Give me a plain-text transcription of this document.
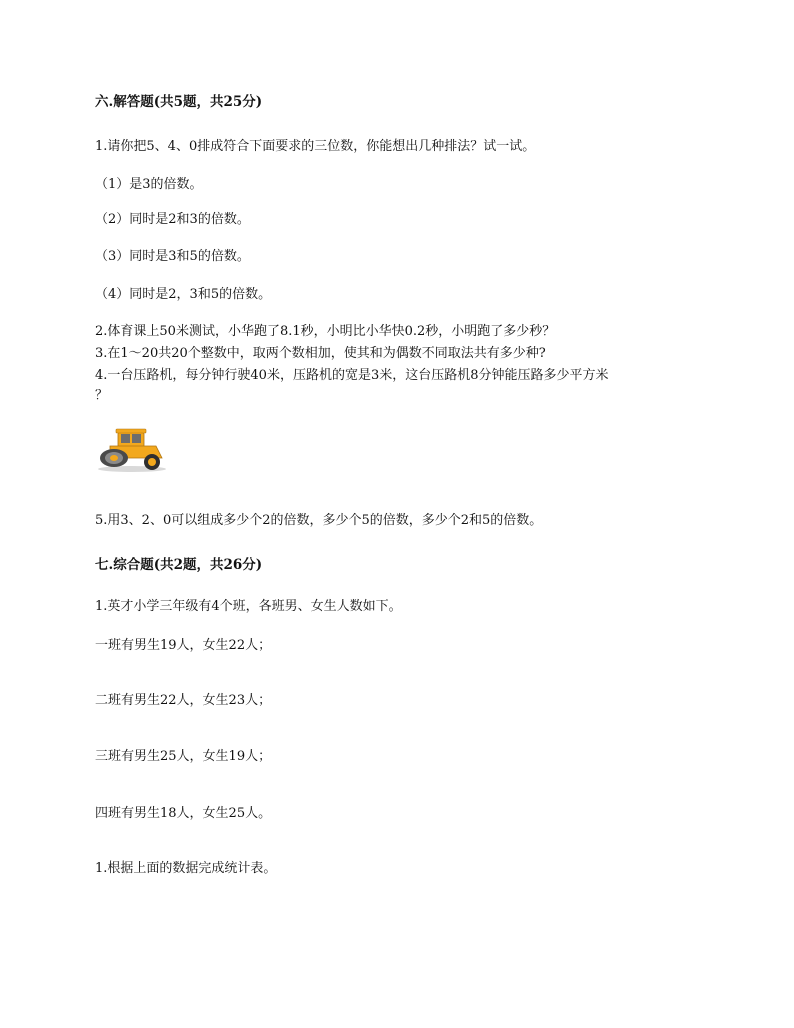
六.解答题(共5题，共25分)
1.请你把5、4、0排成符合下面要求的三位数，你能想出几种排法？试一试。
（1）是3的倍数。
（2）同时是2和3的倍数。
（3）同时是3和5的倍数。
（4）同时是2，3和5的倍数。
2.体育课上50米测试，小华跑了8.1秒，小明比小华快0.2秒，小明跑了多少秒？
3.在1～20共20个整数中，取两个数相加，使其和为偶数不同取法共有多少种?
4.一台压路机，每分钟行驶40米，压路机的宽是3米，这台压路机8分钟能压路多少平方米
？
5.用3、2、0可以组成多少个2的倍数，多少个5的倍数，多少个2和5的倍数。
七.综合题(共2题，共26分)
1.英才小学三年级有4个班，各班男、女生人数如下。
一班有男生19人，女生22人；
二班有男生22人，女生23人；
三班有男生25人，女生19人；
四班有男生18人，女生25人。
1.根据上面的数据完成统计表。
